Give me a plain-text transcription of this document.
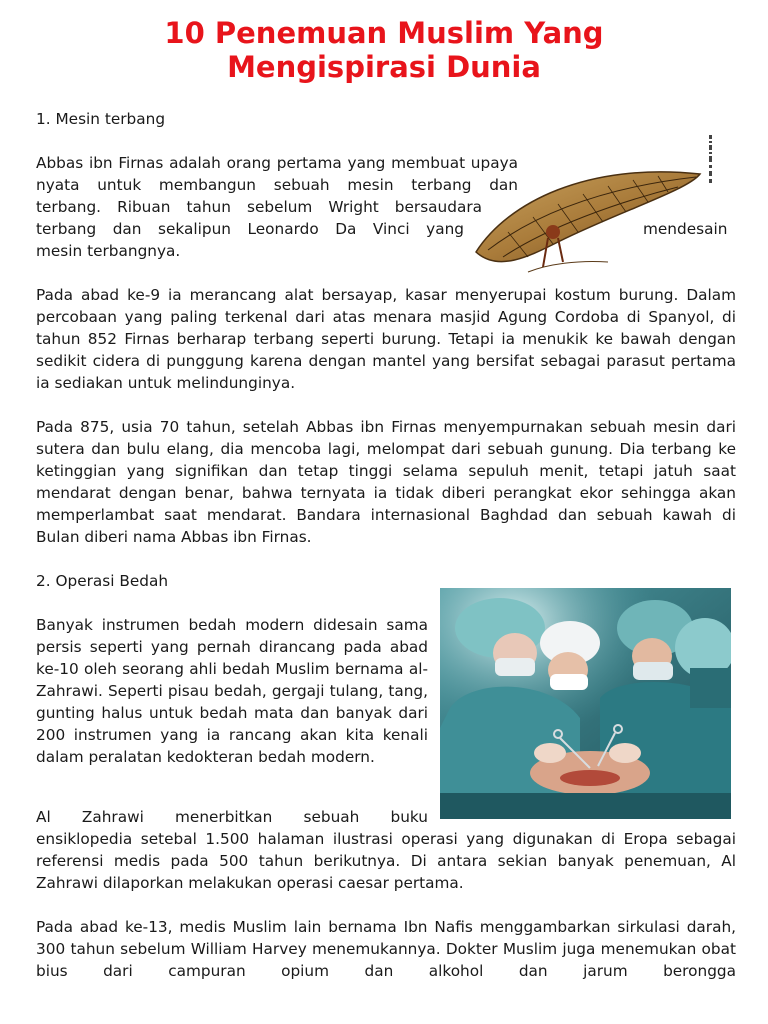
10 Penemuan Muslim Yang
Mengispirasi Dunia

1. Mesin terbang

Abbas ibn Firnas adalah orang pertama yang membuat upaya

nyata untuk membangun sebuah mesin terbang dan

terbang. Ribuan tahun sebelum Wright bersaudara

terbang dan sekalipun Leonardo Da Vinci yang	mendesain

mesin terbangnya.

Pada abad ke-9 ia merancang alat bersayap, kasar menyerupai kostum burung. Dalam percobaan yang paling terkenal dari atas menara masjid Agung Cordoba di Spanyol, di tahun 852 Firnas berharap terbang seperti burung. Tetapi ia menukik ke bawah dengan sedikit cidera di punggung karena dengan mantel yang bersifat sebagai parasut pertama ia sediakan untuk melindunginya.

Pada 875, usia 70 tahun, setelah Abbas ibn Firnas menyempurnakan sebuah mesin dari sutera dan bulu elang, dia mencoba lagi, melompat dari sebuah gunung. Dia terbang ke ketinggian yang signifikan dan tetap tinggi selama sepuluh menit, tetapi jatuh saat mendarat dengan benar, bahwa ternyata ia tidak diberi perangkat ekor sehingga akan memperlambat saat mendarat. Bandara internasional Baghdad dan sebuah kawah di Bulan diberi nama Abbas ibn Firnas.

2. Operasi Bedah

Banyak instrumen bedah modern didesain sama persis seperti yang pernah dirancang pada abad ke-10 oleh seorang ahli bedah Muslim bernama al-Zahrawi. Seperti pisau bedah, gergaji tulang, tang, gunting halus untuk bedah mata dan banyak dari 200 instrumen yang ia rancang akan kita kenali dalam peralatan kedokteran bedah modern.

Al Zahrawi menerbitkan sebuah buku

ensiklopedia setebal 1.500 halaman ilustrasi operasi yang digunakan di Eropa sebagai referensi medis pada 500 tahun berikutnya. Di antara sekian banyak penemuan, Al Zahrawi dilaporkan melakukan operasi caesar pertama.

Pada abad ke-13, medis Muslim lain bernama Ibn Nafis menggambarkan sirkulasi darah, 300 tahun sebelum William Harvey menemukannya. Dokter Muslim juga menemukan obat bius dari campuran opium dan alkohol dan jarum berongga
